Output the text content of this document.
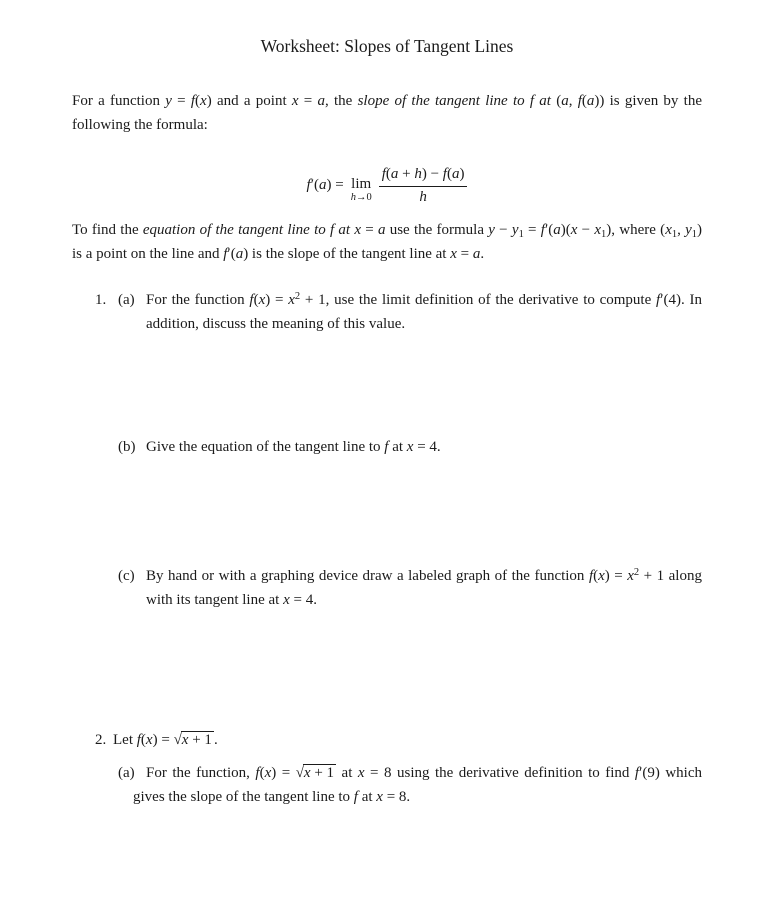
Worksheet: Slopes of Tangent Lines

For a function y = f(x) and a point x = a, the slope of the tangent line to f at (a, f(a)) is given by the following the formula:

f′(a) = lim
$h\to 0 \frac{f(a + h) - f(a)}{h}$

To find the equation of the tangent line to f at x = a use the formula $y - y_1 = f'(a)(x - x_1)$, where ($x_1$, $y_1$) is a point on the line and f′(a) is the slope of the tangent line at x = a.

1. (a) For the function $f(x) = x^2 + 1$, use the limit definition of the derivative to compute f′(4). In addition, discuss the meaning of this value.
(b) Give the equation of the tangent line to f at x = 4.
(c) By hand or with a graphing device draw a labeled graph of the function $f(x) = x^2 + 1$ along with its tangent line at x = 4.
2. Let f(x) = √x + 1 .
(a) For the function, f(x) = √x + 1 at x = 8 using the derivative definition to find f′(9) which gives the slope of the tangent line to f at x = 8.
